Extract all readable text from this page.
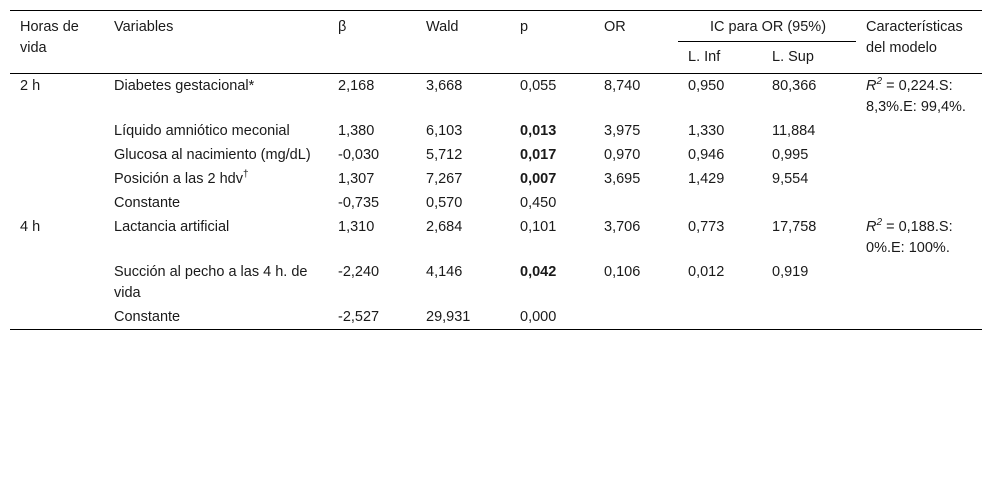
Horas de vida	Variables	β	Wald	p	OR	IC para OR (95%)		Características del modelo
						L. Inf	L. Sup	
2 h	Diabetes gestacional*	2,168	3,668	0,055	8,740	0,950	80,366	$R^2 = 0,224.S$: 8,3%.E: 99,4%.
	Líquido amniótico meconial	1,380	6,103	0,013	3,975	1,330	11,884	
	Glucosa al nacimiento (mg/dL)	-0,030	5,712	0,017	0,970	0,946	0,995	
	Posición a las 2 hdv†	1,307	7,267	0,007	3,695	1,429	9,554	
	Constante	-0,735	0,570	0,450				
4 h	Lactancia artificial	1,310	2,684	0,101	3,706	0,773	17,758	$R^2 = 0,188.S$: 0%.E: 100%.
	Succión al pecho a las 4 h. de vida	-2,240	4,146	0,042	0,106	0,012	0,919	
	Constante	-2,527	29,931	0,000				
